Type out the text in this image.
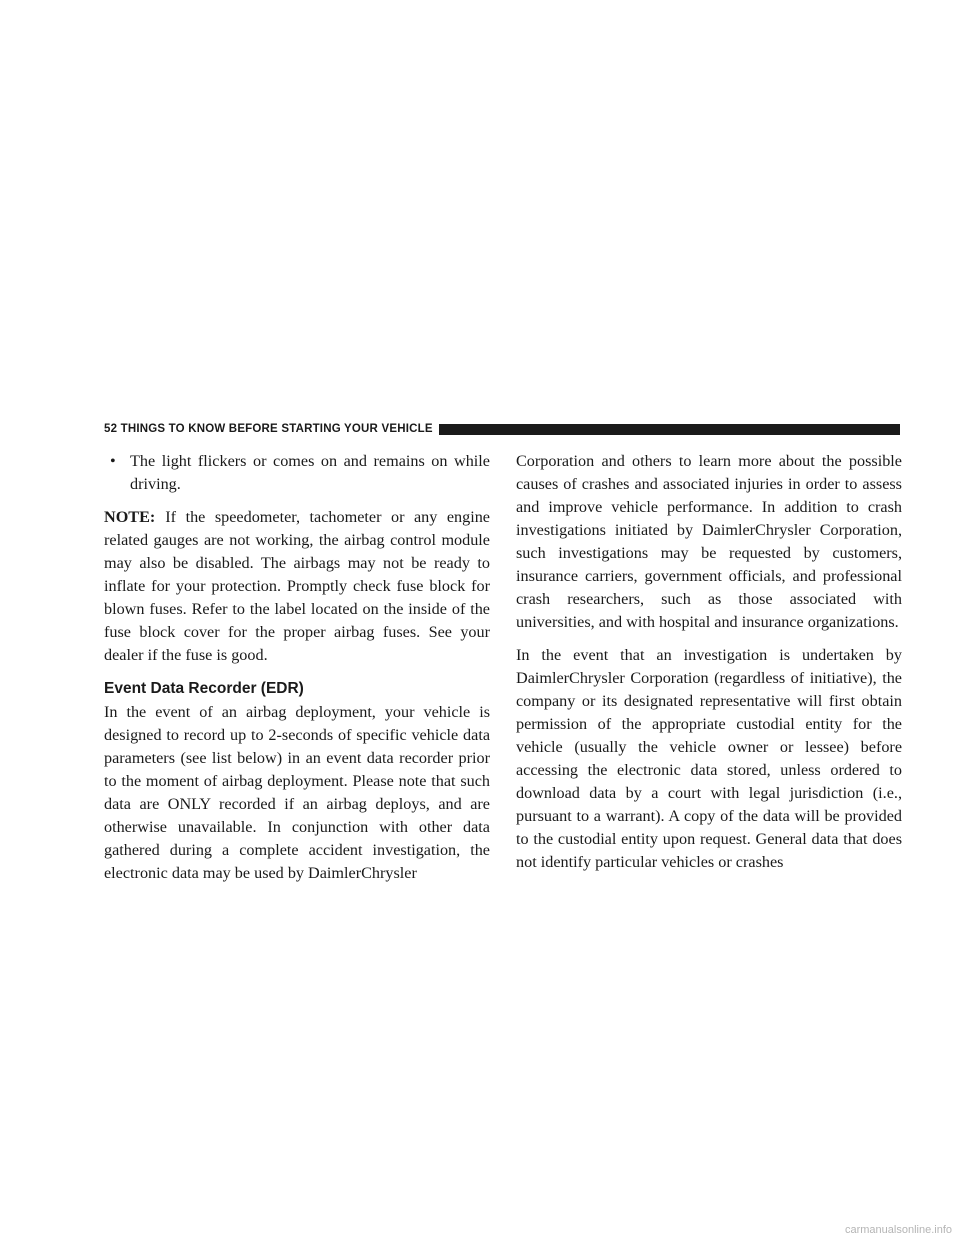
52 THINGS TO KNOW BEFORE STARTING YOUR VEHICLE
• The light flickers or comes on and remains on while driving.

NOTE: If the speedometer, tachometer or any engine related gauges are not working, the airbag control module may also be disabled. The airbags may not be ready to inflate for your protection. Promptly check fuse block for blown fuses. Refer to the label located on the inside of the fuse block cover for the proper airbag fuses. See your dealer if the fuse is good.

Event Data Recorder (EDR)

In the event of an airbag deployment, your vehicle is designed to record up to 2-seconds of specific vehicle data parameters (see list below) in an event data recorder prior to the moment of airbag deployment. Please note that such data are ONLY recorded if an airbag deploys, and are otherwise unavailable. In conjunction with other data gathered during a complete accident investigation, the electronic data may be used by DaimlerChrysler

Corporation and others to learn more about the possible causes of crashes and associated injuries in order to assess and improve vehicle performance. In addition to crash investigations initiated by DaimlerChrysler Corporation, such investigations may be requested by customers, insurance carriers, government officials, and professional crash researchers, such as those associated with universities, and with hospital and insurance organizations.

In the event that an investigation is undertaken by DaimlerChrysler Corporation (regardless of initiative), the company or its designated representative will first obtain permission of the appropriate custodial entity for the vehicle (usually the vehicle owner or lessee) before accessing the electronic data stored, unless ordered to download data by a court with legal jurisdiction (i.e., pursuant to a warrant). A copy of the data will be provided to the custodial entity upon request. General data that does not identify particular vehicles or crashes

carmanualsonline.info
